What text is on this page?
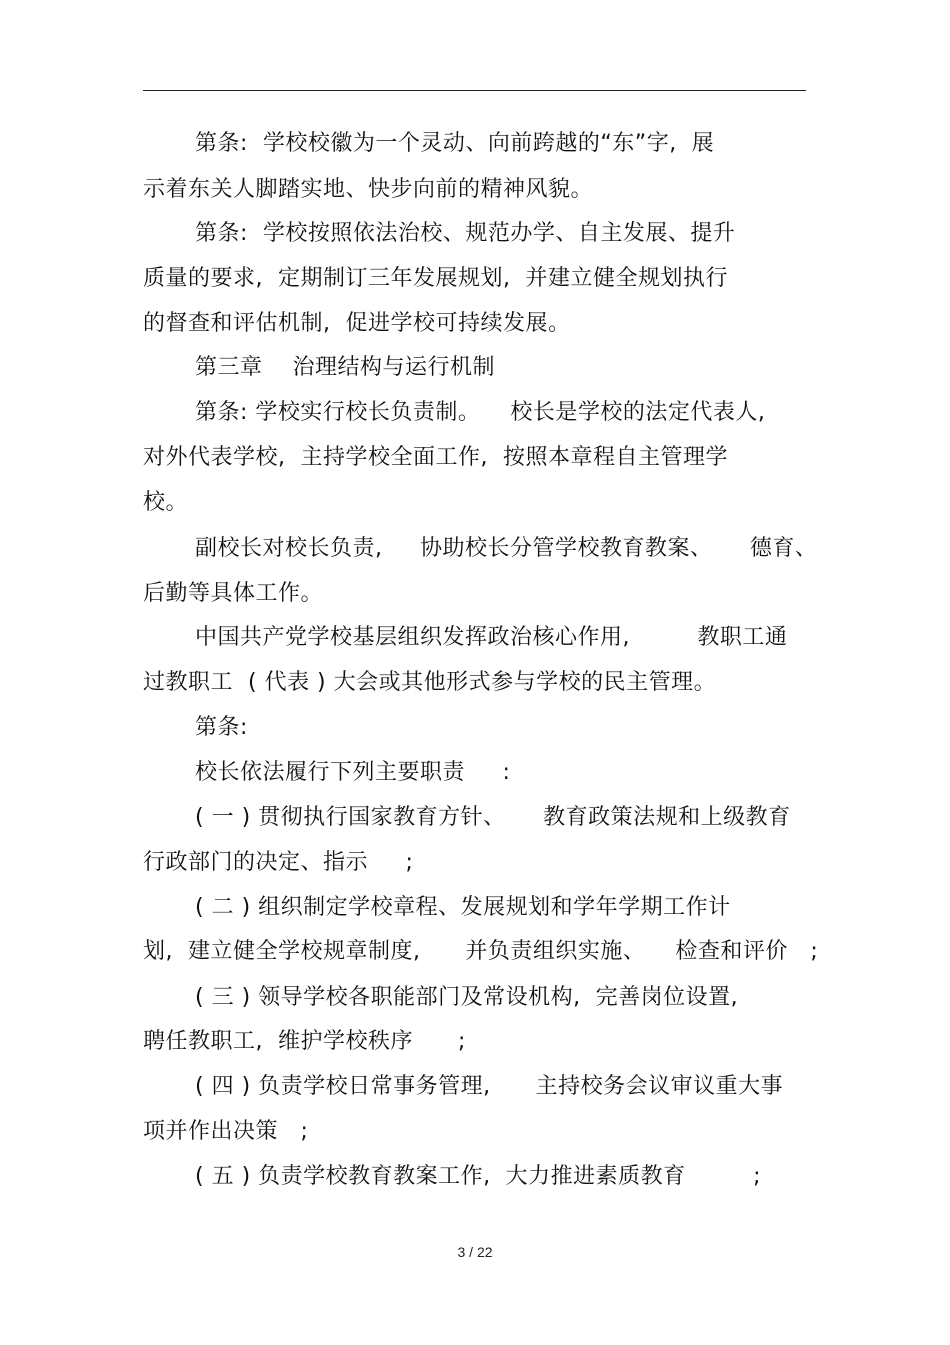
第条:  学校校徽为一个灵动、向前跨越的“东”字,  展
示着东关人脚踏实地、快步向前的精神风貌。
第条:  学校按照依法治校、规范办学、自主发展、提升
质量的要求,  定期制订三年发展规划,  并建立健全规划执行
的督查和评估机制,  促进学校可持续发展。
第三章    治理结构与运行机制
第条: 学校实行校长负责制。    校长是学校的法定代表人,
对外代表学校,  主持学校全面工作,  按照本章程自主管理学
校。
副校长对校长负责,     协助校长分管学校教育教案、     德育、
后勤等具体工作。
中国共产党学校基层组织发挥政治核心作用,         教职工通
过教职工  ( 代表 ) 大会或其他形式参与学校的民主管理。
第条:
校长依法履行下列主要职责     :
( 一 ) 贯彻执行国家教育方针、     教育政策法规和上级教育
行政部门的决定、指示     ;
( 二 ) 组织制定学校章程、发展规划和学年学期工作计
划,  建立健全学校规章制度,      并负责组织实施、    检查和评价   ;
( 三 ) 领导学校各职能部门及常设机构,  完善岗位设置,
聘任教职工,  维护学校秩序      ;
( 四 ) 负责学校日常事务管理,      主持校务会议审议重大事
项并作出决策   ;
( 五 ) 负责学校教育教案工作,  大力推进素质教育         ;
3 / 22
